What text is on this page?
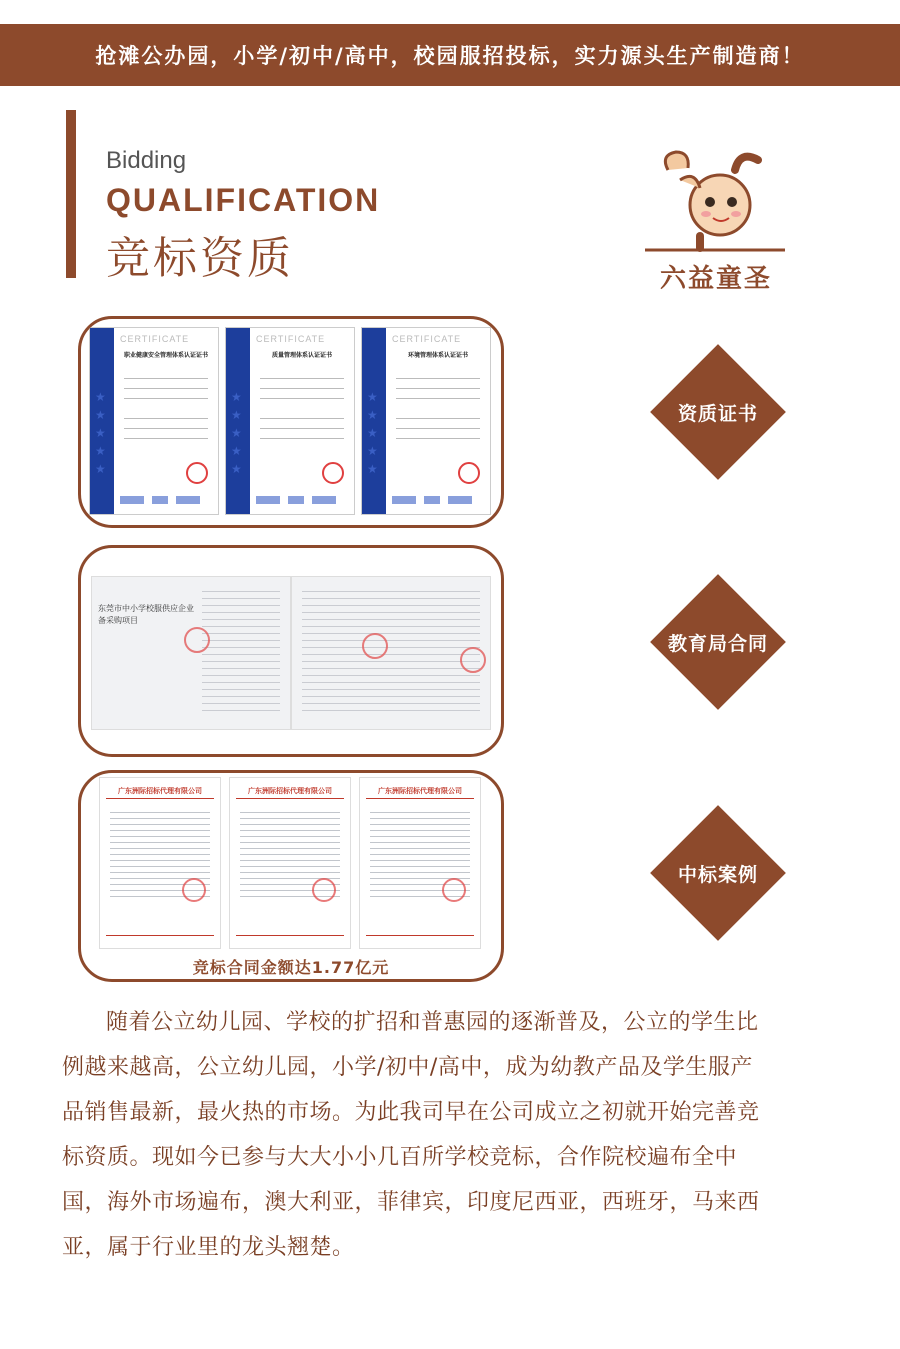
抢滩公办园，小学/初中/高中，校园服招投标，实力源头生产制造商！
Bidding
QUALIFICATION
竞标资质	六益童圣
★ ★ ★ ★ ★
CERTIFICATE
职业健康安全管理体系认证证书
★ ★ ★ ★ ★
CERTIFICATE
质量管理体系认证证书
★ ★ ★ ★ ★
CERTIFICATE
环境管理体系认证证书
东莞市中小学校服供应企业备采购项目
广东洲际招标代理有限公司	广东洲际招标代理有限公司	广东洲际招标代理有限公司
竞标合同金额达1.77亿元
资质证书
教育局合同
中标案例
随着公立幼儿园、学校的扩招和普惠园的逐渐普及，公立的学生比例越来越高，公立幼儿园，小学/初中/高中，成为幼教产品及学生服产品销售最新，最火热的市场。为此我司早在公司成立之初就开始完善竞标资质。现如今已参与大大小小几百所学校竞标，合作院校遍布全中国，海外市场遍布，澳大利亚，菲律宾，印度尼西亚，西班牙，马来西亚，属于行业里的龙头翘楚。
